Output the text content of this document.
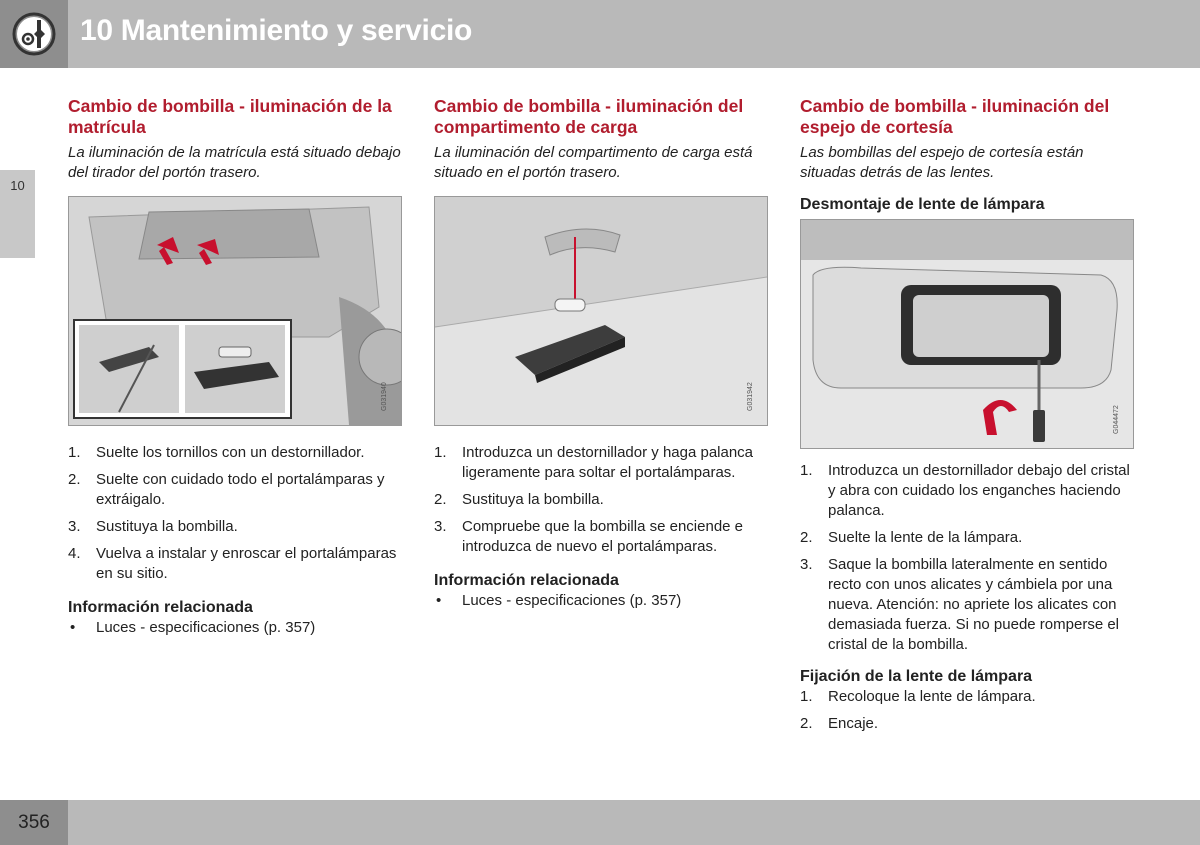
10 Mantenimiento y servicio
10
Cambio de bombilla - iluminación de la matrícula

La iluminación de la matrícula está situado debajo del tirador del portón trasero.

G031940
1. Suelte los tornillos con un destornillador.
2. Suelte con cuidado todo el portalámparas y extráigalo.
3. Sustituya la bombilla.
4. Vuelva a instalar y enroscar el portalámparas en su sitio.
Información relacionada
• Luces - especificaciones (p. 357)
Cambio de bombilla - iluminación del compartimento de carga

La iluminación del compartimento de carga está situado en el portón trasero.

G031942
1. Introduzca un destornillador y haga palanca ligeramente para soltar el portalámparas.
2. Sustituya la bombilla.
3. Compruebe que la bombilla se enciende e introduzca de nuevo el portalámparas.
Información relacionada
• Luces - especificaciones (p. 357)
Cambio de bombilla - iluminación del espejo de cortesía

Las bombillas del espejo de cortesía están situadas detrás de las lentes.

Desmontaje de lente de lámpara
G044472
1. Introduzca un destornillador debajo del cristal y abra con cuidado los enganches haciendo palanca.
2. Suelte la lente de la lámpara.
3. Saque la bombilla lateralmente en sentido recto con unos alicates y cámbiela por una nueva. Atención: no apriete los alicates con demasiada fuerza. Si no puede romperse el cristal de la bombilla.
Fijación de la lente de lámpara
1. Recoloque la lente de lámpara.
2. Encaje.
356
